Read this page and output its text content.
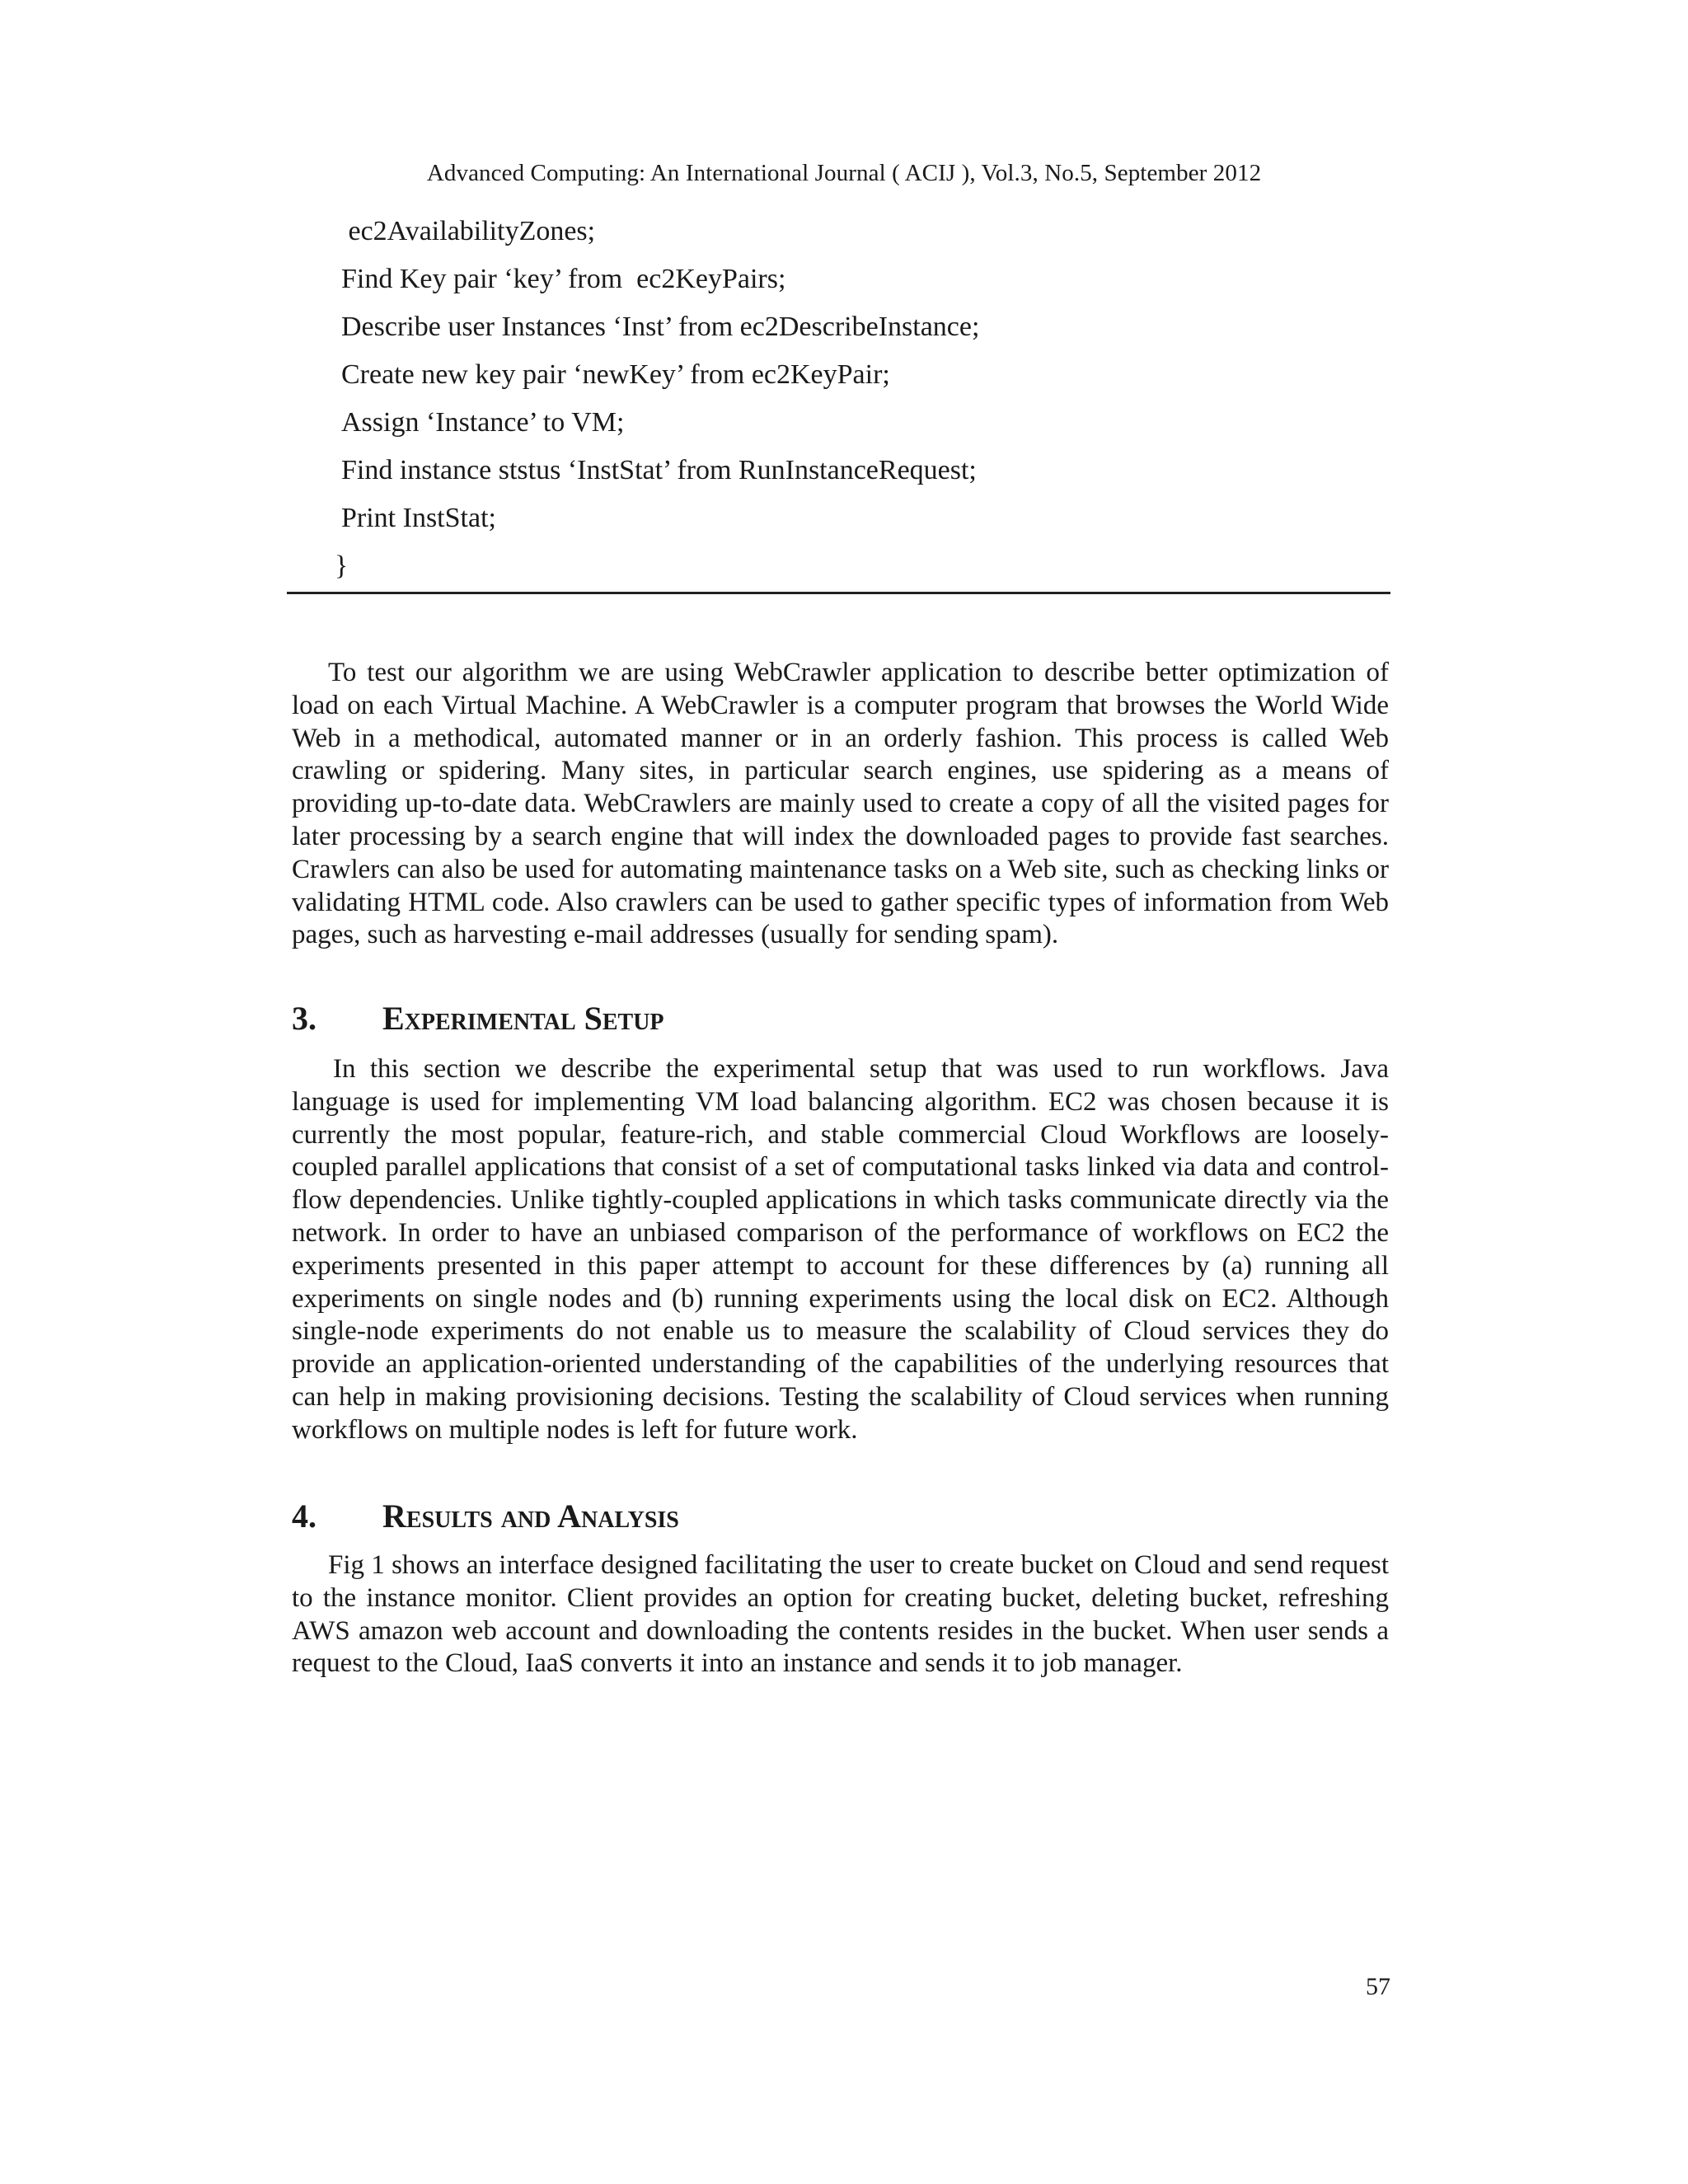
Advanced Computing: An International Journal ( ACIJ ), Vol.3, No.5, September 2012
ec2AvailabilityZones;
Find Key pair ‘key’ from  ec2KeyPairs;
Describe user Instances ‘Inst’ from ec2DescribeInstance;
Create new key pair ‘newKey’ from ec2KeyPair;
Assign ‘Instance’ to VM;
Find instance ststus ‘InstStat’ from RunInstanceRequest;
Print InstStat;
}

To test our algorithm we are using WebCrawler application to describe better optimization of load on each Virtual Machine. A WebCrawler is a computer program that browses the World Wide Web in a methodical, automated manner or in an orderly fashion. This process is called Web crawling or spidering. Many sites, in particular search engines, use spidering as a means of providing up-to-date data. WebCrawlers are mainly used to create a copy of all the visited pages for later processing by a search engine that will index the downloaded pages to provide fast searches. Crawlers can also be used for automating maintenance tasks on a Web site, such as checking links or validating HTML code. Also crawlers can be used to gather specific types of information from Web pages, such as harvesting e-mail addresses (usually for sending spam).

3. Experimental Setup

In this section we describe the experimental setup that was used to run workflows. Java language is used for implementing VM load balancing algorithm. EC2 was chosen because it is currently the most popular, feature-rich, and stable commercial Cloud Workflows are loosely-coupled parallel applications that consist of a set of computational tasks linked via data and control-flow dependencies. Unlike tightly-coupled applications in which tasks communicate directly via the network. In order to have an unbiased comparison of the performance of workflows on EC2 the experiments presented in this paper attempt to account for these differences by (a) running all experiments on single nodes and (b) running experiments using the local disk on EC2. Although single-node experiments do not enable us to measure the scalability of Cloud services they do provide an application-oriented understanding of the capabilities of the underlying resources that can help in making provisioning decisions. Testing the scalability of Cloud services when running workflows on multiple nodes is left for future work.

4. Results and Analysis

Fig 1 shows an interface designed facilitating the user to create bucket on Cloud and send request to the instance monitor. Client provides an option for creating bucket, deleting bucket, refreshing AWS amazon web account and downloading the contents resides in the bucket. When user sends a request to the Cloud, IaaS converts it into an instance and sends it to job manager.

57
